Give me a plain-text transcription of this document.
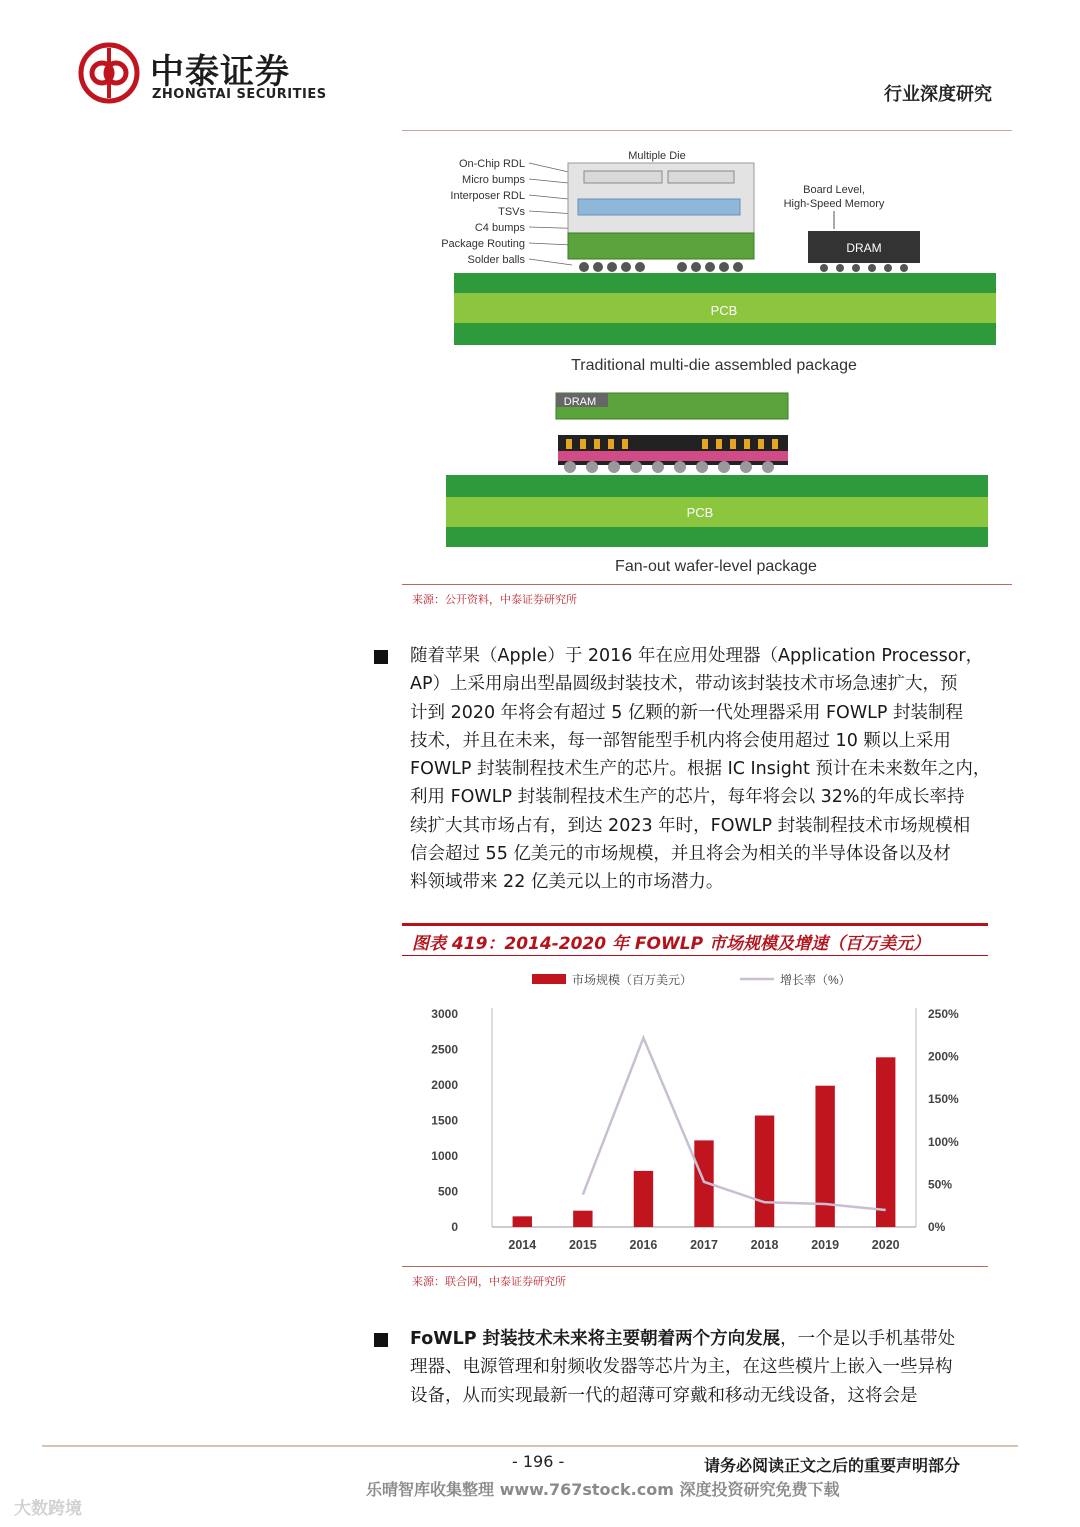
中泰证券
ZHONGTAI SECURITIES	行业深度研究
On-Chip RDL
Micro bumps
Interposer RDL
TSVs
C4 bumps
Package Routing
Solder balls
Multiple Die
Board Level,
High-Speed Memory
DRAM
PCB
Traditional multi-die assembled package
DRAM
PCB
Fan-out wafer-level package
来源：公开资料，中泰证券研究所
随着苹果（Apple）于 2016 年在应用处理器（Application Processor，
AP）上采用扇出型晶圆级封装技术，带动该封装技术市场急速扩大，预
计到 2020 年将会有超过 5 亿颗的新一代处理器采用 FOWLP 封装制程
技术，并且在未来，每一部智能型手机内将会使用超过 10 颗以上采用
FOWLP 封装制程技术生产的芯片。根据 IC Insight 预计在未来数年之内，
利用 FOWLP 封装制程技术生产的芯片，每年将会以 32%的年成长率持
续扩大其市场占有，到达 2023 年时，FOWLP 封装制程技术市场规模相
信会超过 55 亿美元的市场规模，并且将会为相关的半导体设备以及材
料领域带来 22 亿美元以上的市场潜力。
图表 419：2014-2020 年 FOWLP 市场规模及增速（百万美元）
市场规模（百万美元）	增长率（%）
0
500
1000
1500
2000
2500
3000
0%
50%
100%
150%
200%
250%
2014	2015	2016	2017	2018	2019	2020
来源：联合网，中泰证券研究所
FoWLP 封装技术未来将主要朝着两个方向发展，一个是以手机基带处
理器、电源管理和射频收发器等芯片为主，在这些模片上嵌入一些异构
设备，从而实现最新一代的超薄可穿戴和移动无线设备，这将会是
- 196 -	请务必阅读正文之后的重要声明部分
乐晴智库收集整理 www.767stock.com 深度投资研究免费下载
大数跨境
